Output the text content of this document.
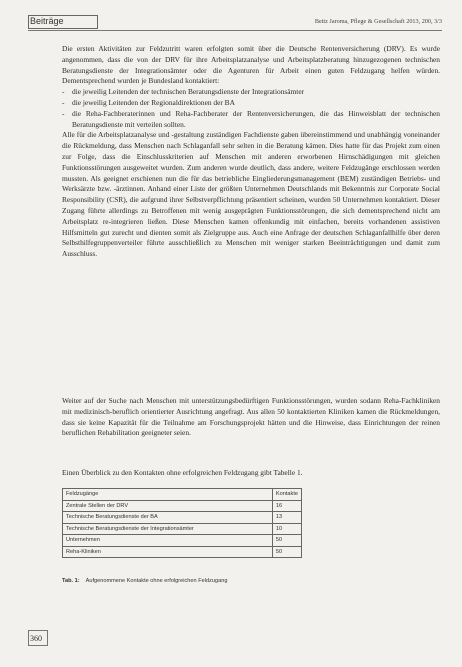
Beiträge	Beitz Jaroma, Pflege & Gesellschaft 2013, 200, 3/3

Die ersten Aktivitäten zur Feldzutritt waren erfolgten somit über die Deutsche Rentenversicherung (DRV). Es wurde angenommen, dass die von der DRV für ihre Arbeitsplatzanalyse und Arbeitsplatzberatung hinzugezogenen technischen Beratungsdienste der Integrationsämter oder die Agenturen für Arbeit einen guten Feldzugang helfen würden. Dementsprechend wurden je Bundesland kontaktiert:

- die jeweilig Leitenden der technischen Beratungsdienste der Integrationsämter
- die jeweilig Leitenden der Regionaldirektionen der BA
- die Reha-Fachberaterinnen und Reha-Fachberater der Rentenversicherungen, die das Hinweisblatt der technischen Beratungsdienste mit verteilen sollten.

Alle für die Arbeitsplatzanalyse und -gestaltung zuständigen Fachdienste gaben übereinstimmend und unabhängig voneinander die Rückmeldung, dass Menschen nach Schlaganfall sehr selten in die Beratung kämen. Dies hatte für das Projekt zum einen zur Folge, dass die Einschlusskriterien auf Menschen mit anderen erworbenen Hirnschädigungen mit gleichen Funktionsstörungen ausgeweitet wurden. Zum anderen wurde deutlich, dass andere, weitere Feldzugänge erschlossen werden mussten. Als geeignet erschienen nun die für das betriebliche Eingliederungsmanagement (BEM) zuständigen Betriebs- und Werksärzte bzw. -ärztinnen. Anhand einer Liste der größten Unternehmen Deutschlands mit Bekenntnis zur Corporate Social Responsibility (CSR), die aufgrund ihrer Selbstverpflichtung präsentiert scheinen, wurden 50 Unternehmen kontaktiert. Dieser Zugang führte allerdings zu Betroffenen mit wenig ausgeprägten Funktionsstörungen, die sich dementsprechend nicht am Arbeitsplatz re-integrieren ließen. Diese Menschen kamen offenkundig mit einfachen, bereits vorhandenen assistiven Hilfsmitteln gut zurecht und dienten somit als Zielgruppe aus. Auch eine Anfrage der deutschen Schlaganfallhilfe über deren Selbsthilfegruppenverteiler führte ausschließlich zu Menschen mit weniger starken Beeinträchtigungen und damit zum Ausschluss.

Weiter auf der Suche nach Menschen mit unterstützungsbedürftigen Funktionsstörungen, wurden sodann Reha-Fachkliniken mit medizinisch-beruflich orientierter Ausrichtung angefragt. Aus allen 50 kontaktierten Kliniken kamen die Rückmeldungen, dass sie keine Kapazität für die Teilnahme am Forschungsprojekt hätten und die Hinweise, dass Einrichtungen der reinen beruflichen Rehabilitation geeigneter seien.

Einen Überblick zu den Kontakten ohne erfolgreichen Feldzugang gibt Tabelle 1.

Feldzugänge	Kontakte
Zentrale Stellen der DRV	16
Technische Beratungsdienste der BA	13
Technische Beratungsdienste der Integrationsämter	10
Unternehmen	50
Reha-Kliniken	50
Tab. 1: Aufgenommene Kontakte ohne erfolgreichen Feldzugang
360
